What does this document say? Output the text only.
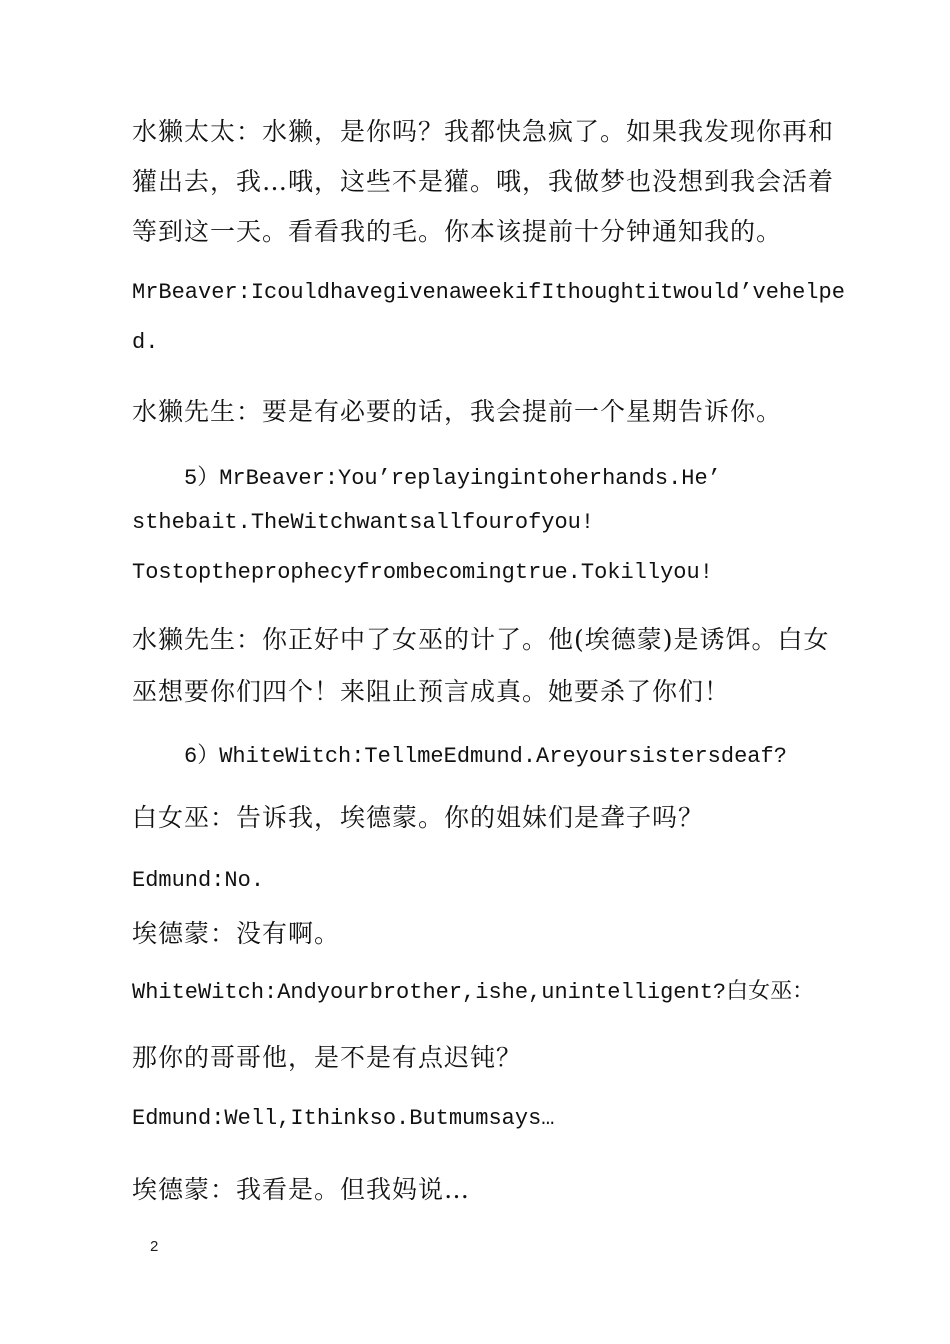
水獭太太：水獭，是你吗？我都快急疯了。如果我发现你再和

獾出去，我…哦，这些不是獾。哦，我做梦也没想到我会活着

等到这一天。看看我的毛。你本该提前十分钟通知我的。

MrBeaver:IcouldhavegivenaweekifIthoughtitwould’vehelpe

d.

水獭先生：要是有必要的话，我会提前一个星期告诉你。

5）MrBeaver:You’replayingintoherhands.He’

sthebait.TheWitchwantsallfourofyou!

Tostoptheprophecyfrombecomingtrue.Tokillyou!

水獭先生：你正好中了女巫的计了。他(埃德蒙)是诱饵。白女

巫想要你们四个！来阻止预言成真。她要杀了你们！

6）WhiteWitch:TellmeEdmund.Areyoursistersdeaf?

白女巫：告诉我，埃德蒙。你的姐妹们是聋子吗？

Edmund:No.

埃德蒙：没有啊。

WhiteWitch:Andyourbrother,ishe,unintelligent?白女巫：

那你的哥哥他，是不是有点迟钝？

Edmund:Well,Ithinkso.Butmumsays…

埃德蒙：我看是。但我妈说…

2
